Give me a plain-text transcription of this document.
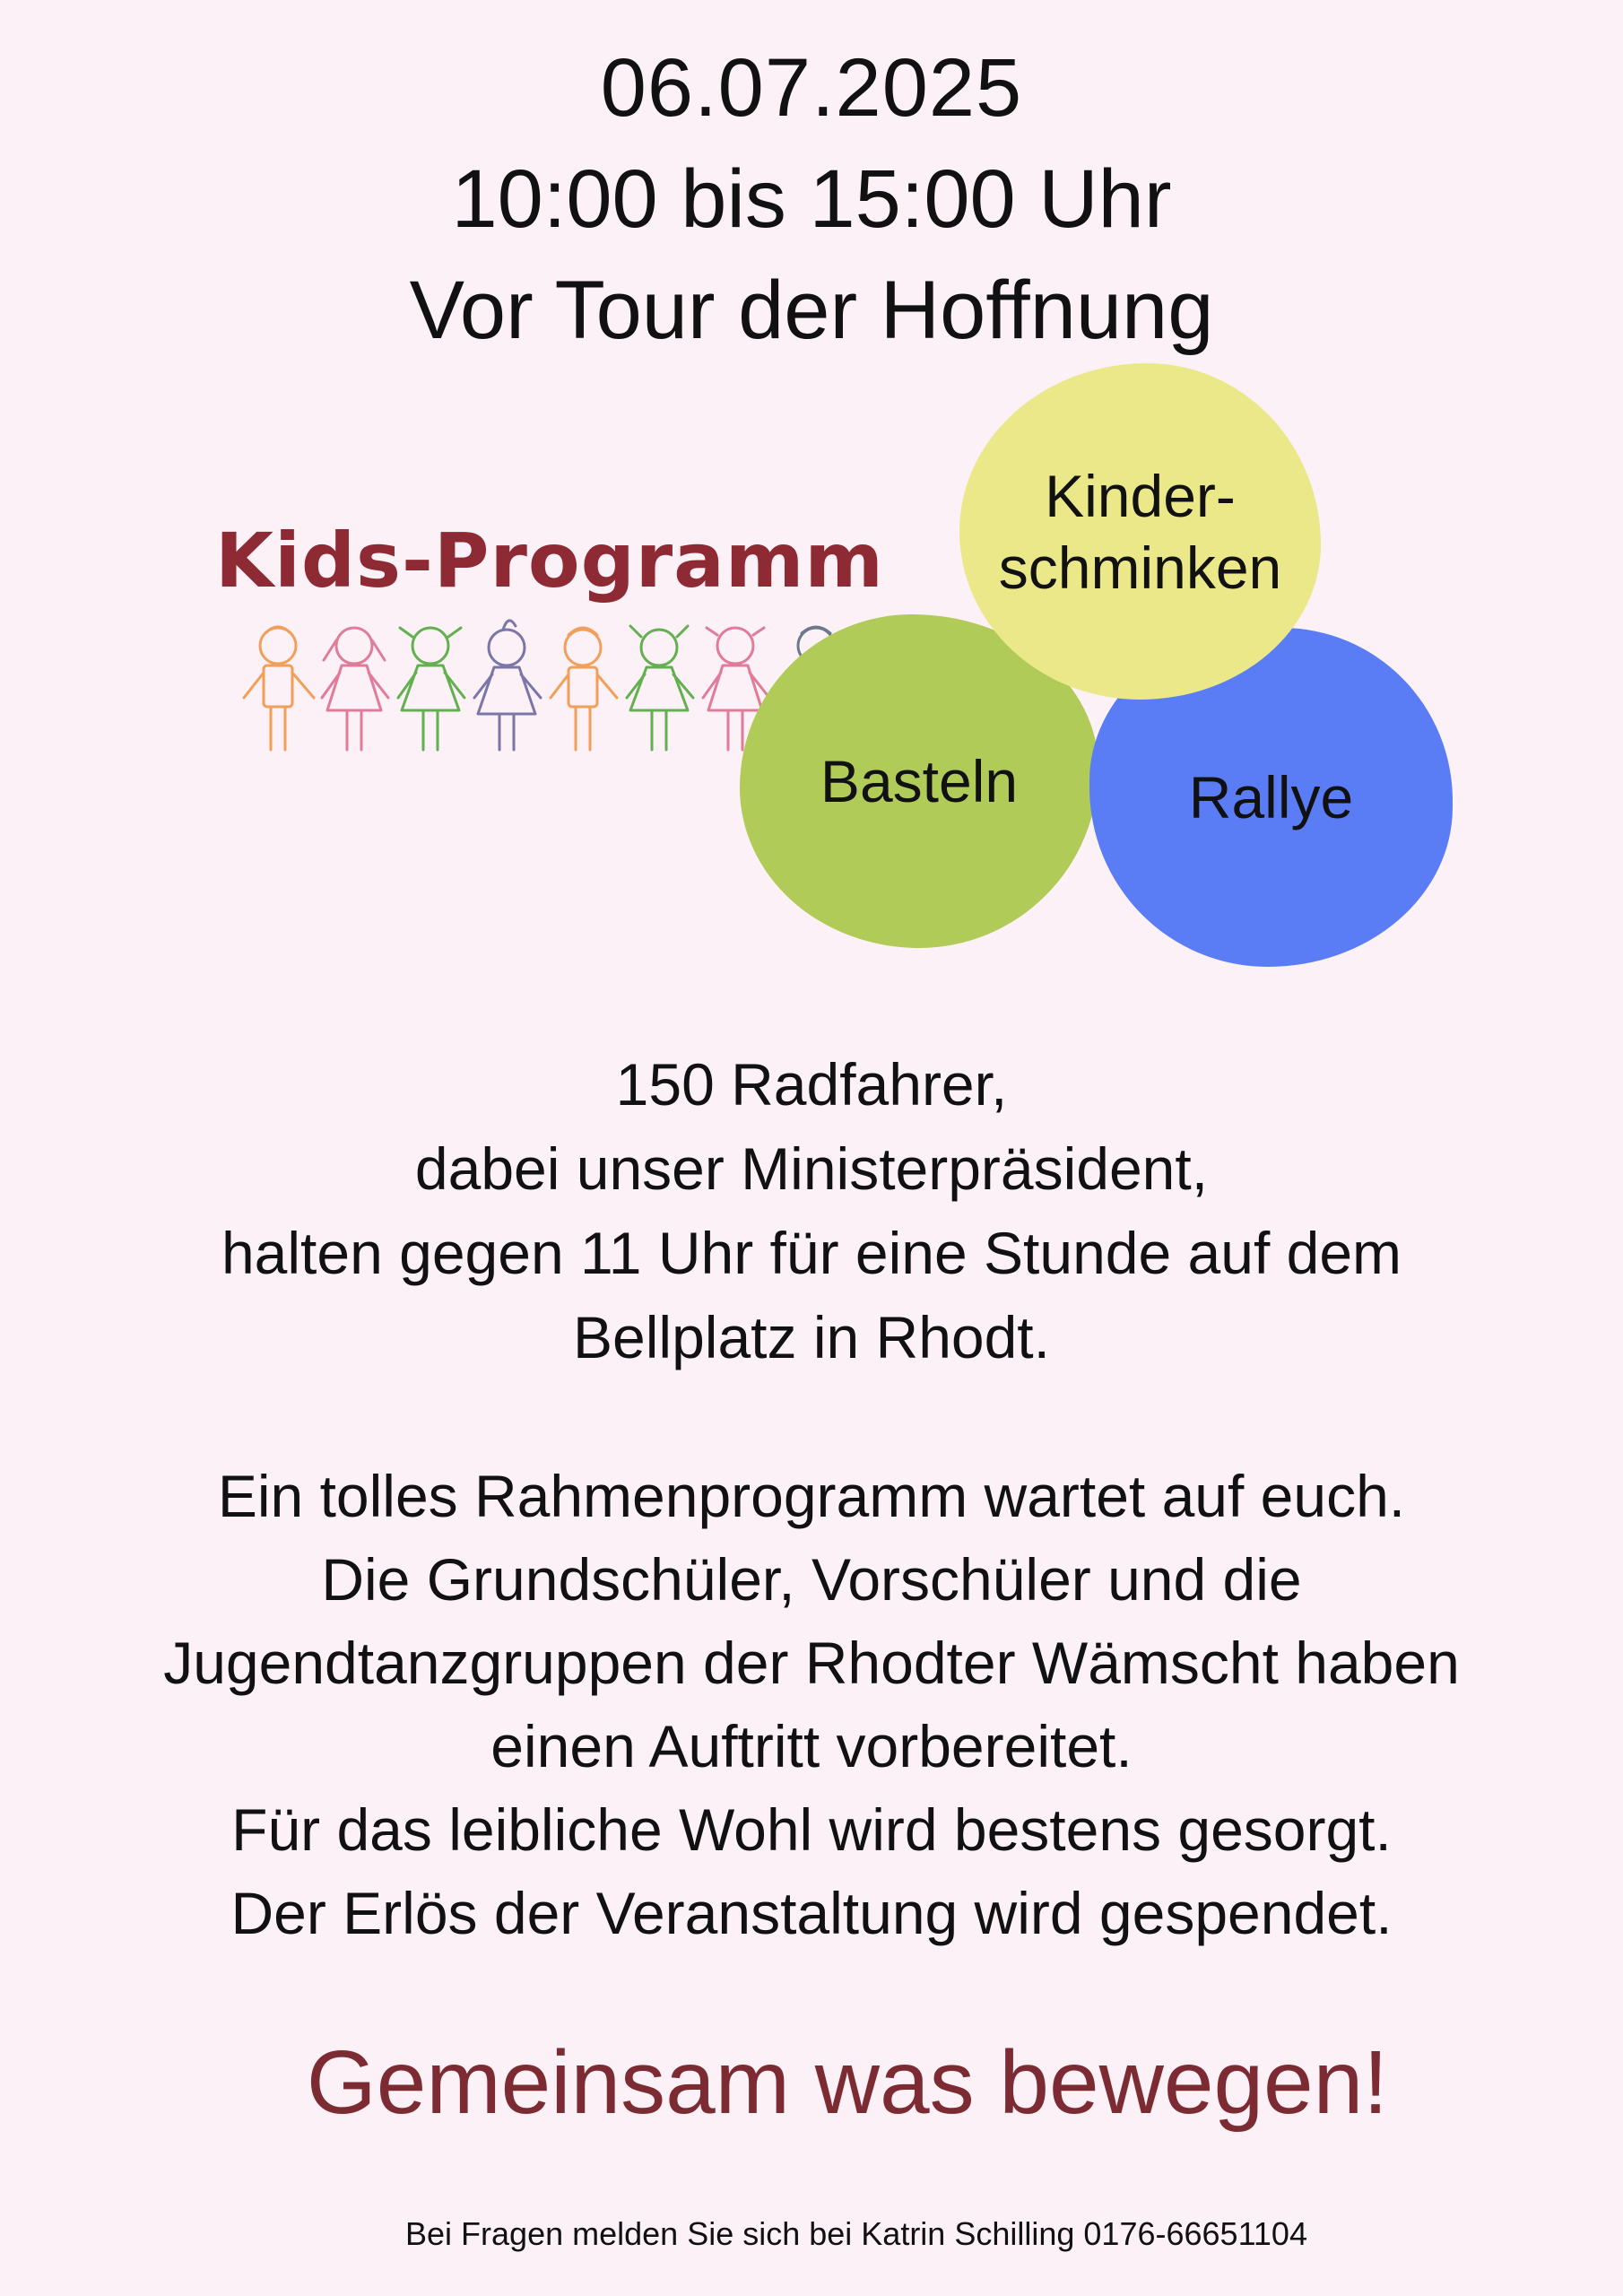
06.07.2025
10:00 bis 15:00 Uhr
Vor Tour der Hoffnung
Kids-Programm
Basteln	Rallye
Kinder-
schminken
150 Radfahrer,
dabei unser Ministerpräsident,
halten gegen 11 Uhr für eine Stunde auf dem
Bellplatz in Rhodt.
Ein tolles Rahmenprogramm wartet auf euch.
Die Grundschüler, Vorschüler und die
Jugendtanzgruppen der Rhodter Wämscht haben
einen Auftritt vorbereitet.
Für das leibliche Wohl wird bestens gesorgt.
Der Erlös der Veranstaltung wird gespendet.
Gemeinsam was bewegen!
Bei Fragen melden Sie sich bei Katrin Schilling 0176-66651104
